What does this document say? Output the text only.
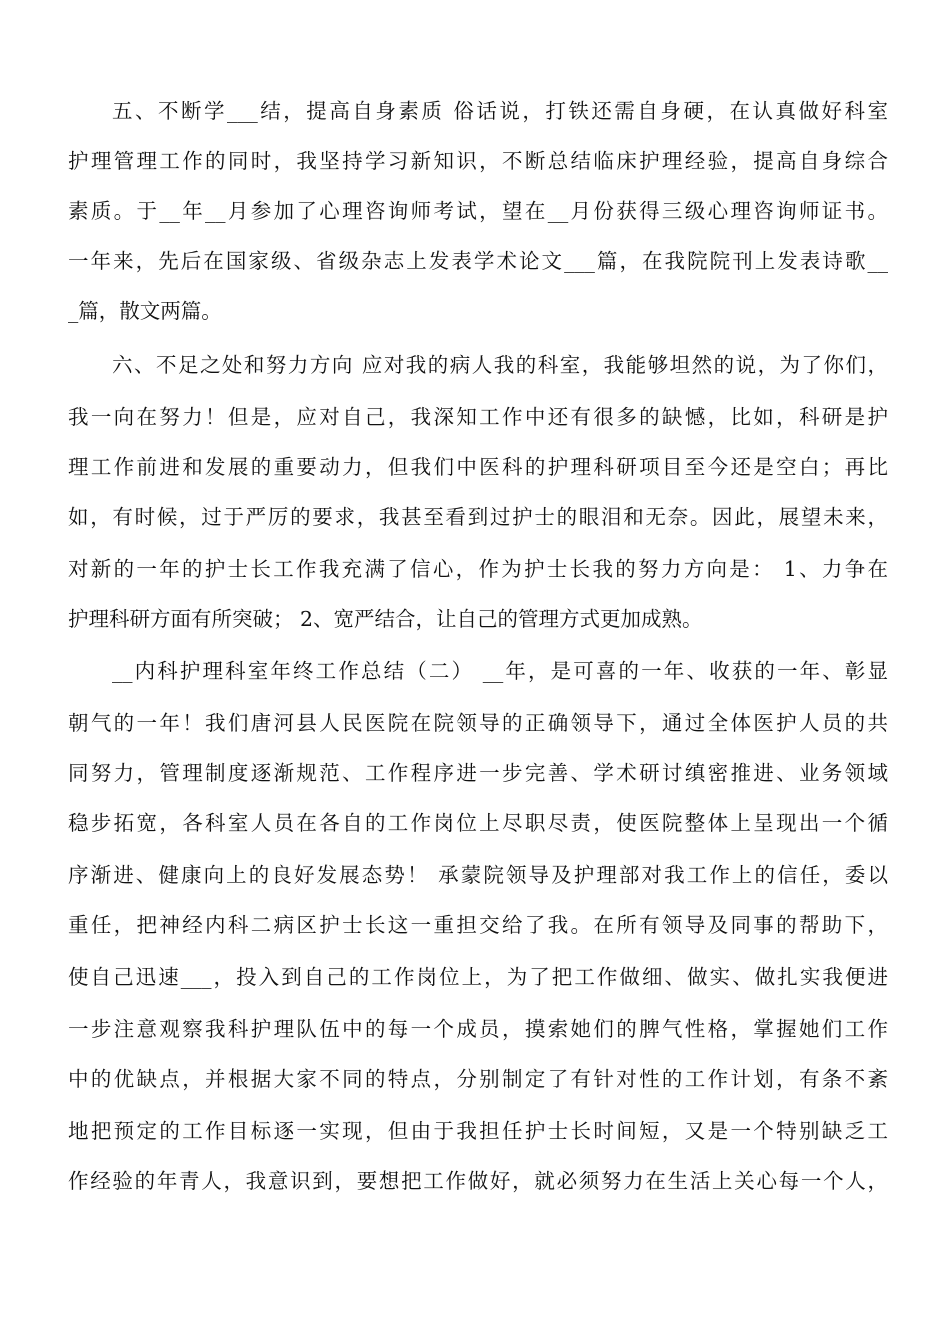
五、不断学___结，提高自身素质 俗话说，打铁还需自身硬，在认真做好科室
护理管理工作的同时，我坚持学习新知识，不断总结临床护理经验，提高自身综合
素质。于__年__月参加了心理咨询师考试，望在__月份获得三级心理咨询师证书。
一年来，先后在国家级、省级杂志上发表学术论文___篇，在我院院刊上发表诗歌__
_篇，散文两篇。
六、不足之处和努力方向 应对我的病人我的科室，我能够坦然的说，为了你们，
我一向在努力！但是，应对自己，我深知工作中还有很多的缺憾，比如，科研是护
理工作前进和发展的重要动力，但我们中医科的护理科研项目至今还是空白；再比
如，有时候，过于严厉的要求，我甚至看到过护士的眼泪和无奈。因此，展望未来，
对新的一年的护士长工作我充满了信心，作为护士长我的努力方向是： 1、力争在
护理科研方面有所突破； 2、宽严结合，让自己的管理方式更加成熟。
__内科护理科室年终工作总结（二） __年，是可喜的一年、收获的一年、彰显
朝气的一年！我们唐河县人民医院在院领导的正确领导下，通过全体医护人员的共
同努力，管理制度逐渐规范、工作程序进一步完善、学术研讨缜密推进、业务领域
稳步拓宽，各科室人员在各自的工作岗位上尽职尽责，使医院整体上呈现出一个循
序渐进、健康向上的良好发展态势！ 承蒙院领导及护理部对我工作上的信任，委以
重任，把神经内科二病区护士长这一重担交给了我。在所有领导及同事的帮助下，
使自己迅速___，投入到自己的工作岗位上，为了把工作做细、做实、做扎实我便进
一步注意观察我科护理队伍中的每一个成员，摸索她们的脾气性格，掌握她们工作
中的优缺点，并根据大家不同的特点，分别制定了有针对性的工作计划，有条不紊
地把预定的工作目标逐一实现，但由于我担任护士长时间短，又是一个特别缺乏工
作经验的年青人，我意识到，要想把工作做好，就必须努力在生活上关心每一个人，
